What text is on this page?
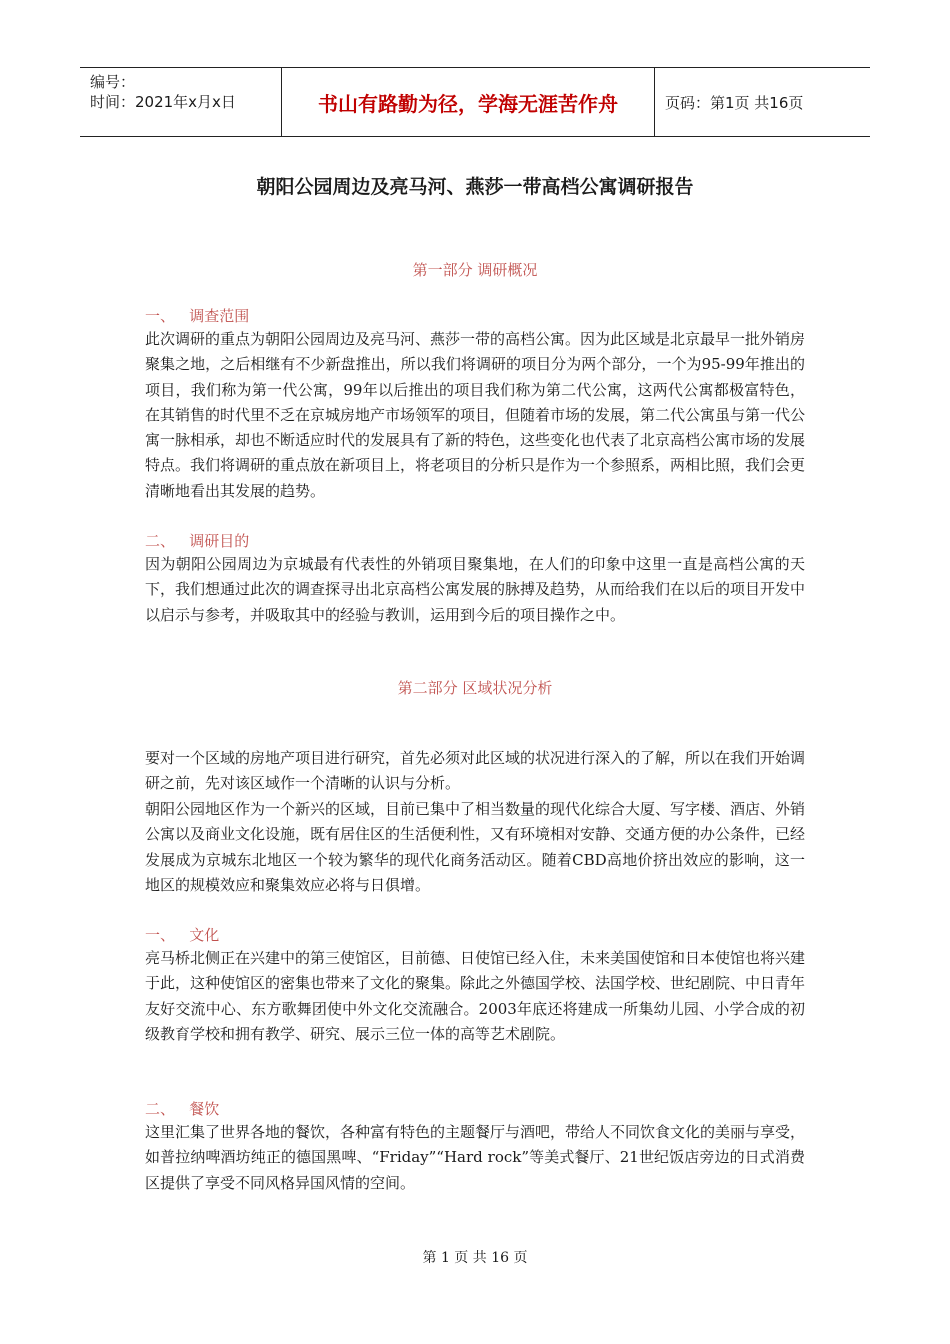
编号：
时间：2021年x月x日	书山有路勤为径，学海无涯苦作舟	页码：第1页 共16页
朝阳公园周边及亮马河、燕莎一带高档公寓调研报告
第一部分 调研概况
一、   调查范围

此次调研的重点为朝阳公园周边及亮马河、燕莎一带的高档公寓。因为此区域是北京最早一批外销房聚集之地，之后相继有不少新盘推出，所以我们将调研的项目分为两个部分，一个为95-99年推出的项目，我们称为第一代公寓，99年以后推出的项目我们称为第二代公寓，这两代公寓都极富特色，在其销售的时代里不乏在京城房地产市场领军的项目，但随着市场的发展，第二代公寓虽与第一代公寓一脉相承，却也不断适应时代的发展具有了新的特色，这些变化也代表了北京高档公寓市场的发展特点。我们将调研的重点放在新项目上，将老项目的分析只是作为一个参照系，两相比照，我们会更清晰地看出其发展的趋势。

二、   调研目的

因为朝阳公园周边为京城最有代表性的外销项目聚集地，在人们的印象中这里一直是高档公寓的天下，我们想通过此次的调查探寻出北京高档公寓发展的脉搏及趋势，从而给我们在以后的项目开发中以启示与参考，并吸取其中的经验与教训，运用到今后的项目操作之中。

第二部分 区域状况分析

要对一个区域的房地产项目进行研究，首先必须对此区域的状况进行深入的了解，所以在我们开始调研之前，先对该区域作一个清晰的认识与分析。

朝阳公园地区作为一个新兴的区域，目前已集中了相当数量的现代化综合大厦、写字楼、酒店、外销公寓以及商业文化设施，既有居住区的生活便利性，又有环境相对安静、交通方便的办公条件，已经发展成为京城东北地区一个较为繁华的现代化商务活动区。随着CBD高地价挤出效应的影响，这一地区的规模效应和聚集效应必将与日俱增。

一、   文化

亮马桥北侧正在兴建中的第三使馆区，目前德、日使馆已经入住，未来美国使馆和日本使馆也将兴建于此，这种使馆区的密集也带来了文化的聚集。除此之外德国学校、法国学校、世纪剧院、中日青年友好交流中心、东方歌舞团使中外文化交流融合。2003年底还将建成一所集幼儿园、小学合成的初级教育学校和拥有教学、研究、展示三位一体的高等艺术剧院。

二、   餐饮

这里汇集了世界各地的餐饮，各种富有特色的主题餐厅与酒吧，带给人不同饮食文化的美丽与享受，如普拉纳啤酒坊纯正的德国黑啤、“Friday”“Hard rock”等美式餐厅、21世纪饭店旁边的日式消费区提供了享受不同风格异国风情的空间。

第 1 页 共 16 页
